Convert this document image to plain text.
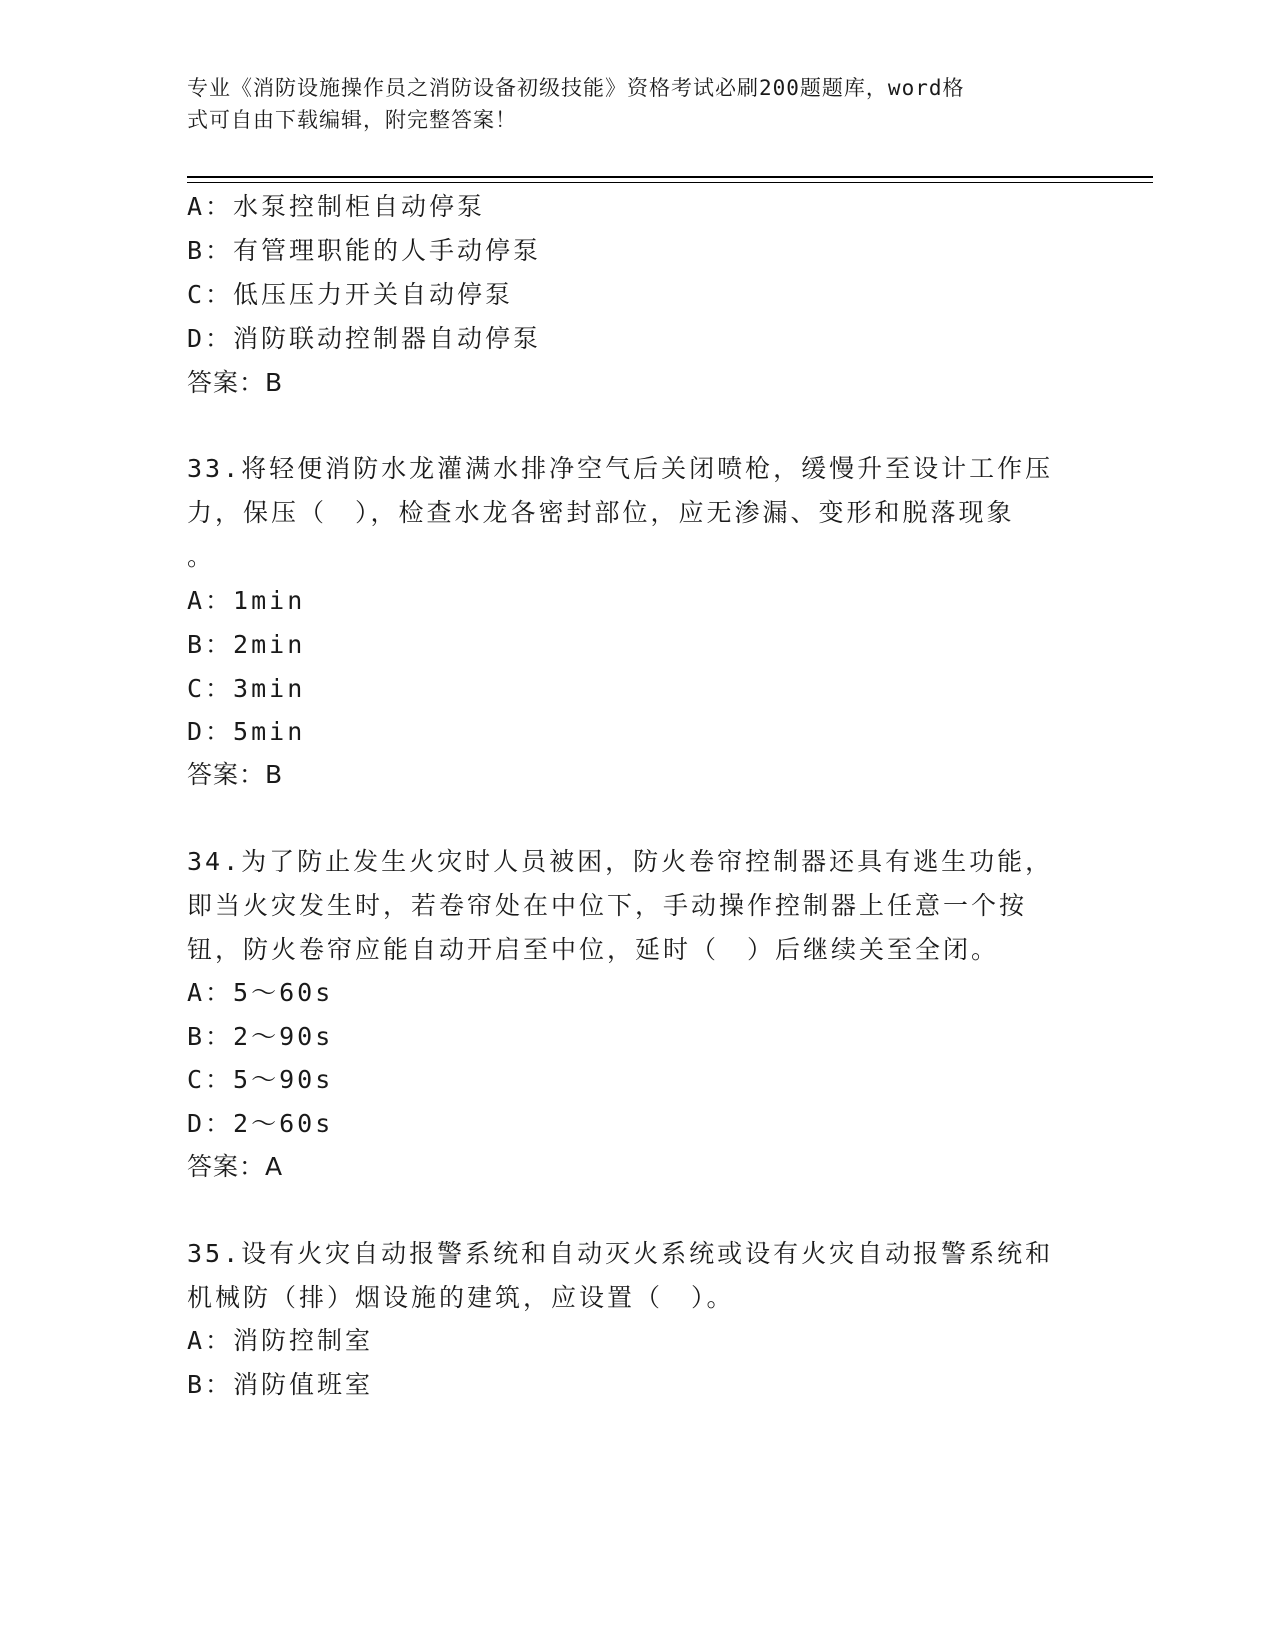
专业《消防设施操作员之消防设备初级技能》资格考试必刷200题题库，word格
式可自由下载编辑，附完整答案！
A：水泵控制柜自动停泵
B：有管理职能的人手动停泵
C：低压压力开关自动停泵
D：消防联动控制器自动停泵
答案：B
33.将轻便消防水龙灌满水排净空气后关闭喷枪，缓慢升至设计工作压
力，保压（　），检查水龙各密封部位，应无渗漏、变形和脱落现象
。
A：1min
B：2min
C：3min
D：5min
答案：B
34.为了防止发生火灾时人员被困，防火卷帘控制器还具有逃生功能，
即当火灾发生时，若卷帘处在中位下，手动操作控制器上任意一个按
钮，防火卷帘应能自动开启至中位，延时（　）后继续关至全闭。
A：5～60s
B：2～90s
C：5～90s
D：2～60s
答案：A
35.设有火灾自动报警系统和自动灭火系统或设有火灾自动报警系统和
机械防（排）烟设施的建筑，应设置（　）。
A：消防控制室
B：消防值班室
